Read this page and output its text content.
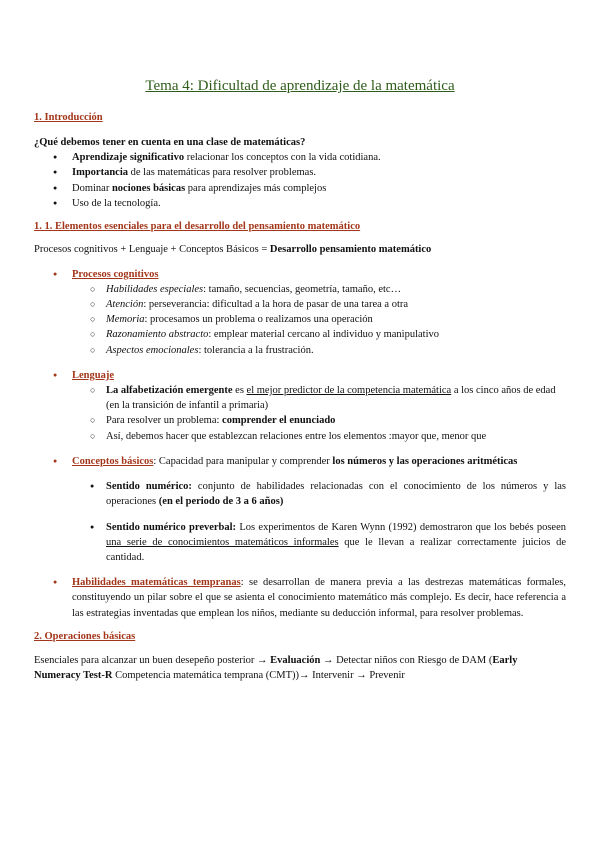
Tema 4: Dificultad de aprendizaje de la matemática

1. Introducción

¿Qué debemos tener en cuenta en una clase de matemáticas?

● Aprendizaje significativo relacionar los conceptos con la vida cotidiana.
● Importancia de las matemáticas para resolver problemas.
● Dominar nociones básicas para aprendizajes más complejos
● Uso de la tecnología.

1. 1. Elementos esenciales para el desarrollo del pensamiento matemático

Procesos cognitivos + Lenguaje + Conceptos Básicos = Desarrollo pensamiento matemático

● Procesos cognitivos
○ Habilidades especiales: tamaño, secuencias, geometría, tamaño, etc…
○ Atención: perseverancia: dificultad a la hora de pasar de una tarea a otra
○ Memoria: procesamos un problema o realizamos una operación
○ Razonamiento abstracto: emplear material cercano al individuo y manipulativo
○ Aspectos emocionales: tolerancia a la frustración.
● Lenguaje
○ La alfabetización emergente es el mejor predictor de la competencia matemática a los cinco años de edad (en la transición de infantil a primaria)
○ Para resolver un problema: comprender el enunciado
○ Así, debemos hacer que establezcan relaciones entre los elementos :mayor que, menor que
● Conceptos básicos: Capacidad para manipular y comprender los números y las operaciones aritméticas
● Sentido numérico: conjunto de habilidades relacionadas con el conocimiento de los números y las operaciones (en el periodo de 3 a 6 años)
● Sentido numérico preverbal: Los experimentos de Karen Wynn (1992) demostraron que los bebés poseen una serie de conocimientos matemáticos informales que le llevan a realizar correctamente juicios de cantidad.
● Habilidades matemáticas tempranas: se desarrollan de manera previa a las destrezas matemáticas formales, constituyendo un pilar sobre el que se asienta el conocimiento matemático más complejo. Es decir, hace referencia a las estrategias inventadas que emplean los niños, mediante su deducción informal, para resolver problemas.

2. Operaciones básicas

Esenciales para alcanzar un buen desepeño posterior → Evaluación → Detectar niños con Riesgo de DAM (Early Numeracy Test-R Competencia matemática temprana (CMT))→ Intervenir → Prevenir
